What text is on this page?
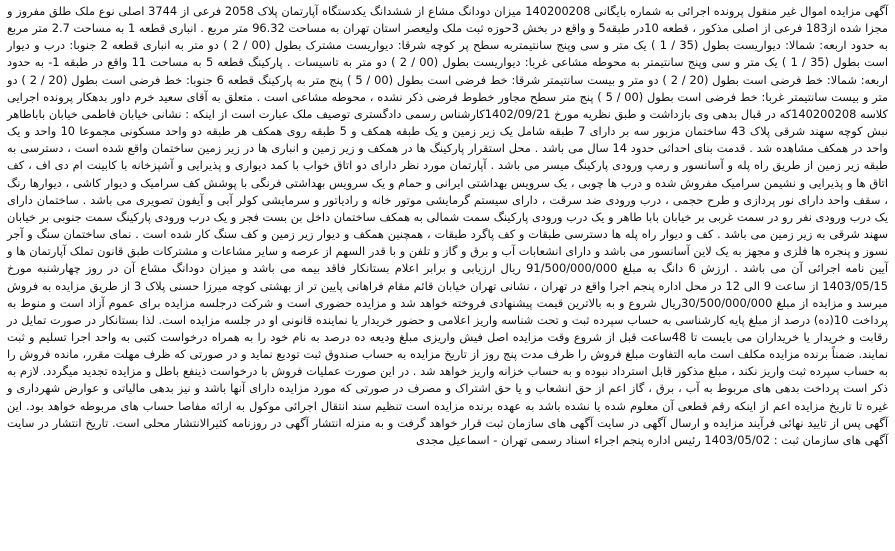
آگهی مزایده اموال غیر منقول پرونده اجرائی به شماره بایگانی 140200208 میزان دودانگ مشاع از ششدانگ یکدستگاه آپارتمان پلاک 2058 فرعی از 3744 اصلی نوع ملک طلق مفروز و مجزا شده از183 فرعی از اصلی مذکور ، قطعه 10در طبقه5 و واقع در بخش 3حوزه ثبت ملک ولیعصر استان تهران به مساحت 96.32 متر مربع . انباری قطعه 1 به مساحت 2.7 متر مربع به حدود اربعه: شمالا: دیواریست بطول (35 / 1 ) یک متر و سی وپنج سانتیمتربه سطح پر کوچه شرقا: دیواریست مشترک بطول (00 / 2 ) دو متر به انباری قطعه 2 جنوبا: درب و دیوار است بطول (35 / 1 ) یک متر و سی وپنج سانتیمتر به محوطه مشاعی غربا: دیواریست بطول (00 / 2 ) دو متر به تاسیسات . پارکینگ قطعه 5 به مساحت 11 واقع در طبقه 1- به حدود اربعه: شمالا: خط فرضی است بطول (20 / 2 ) دو متر و بیست سانتیمتر شرقا: خط فرضی است بطول (00 / 5 ) پنج متر به پارکینگ قطعه 6 جنوبا: خط فرضی است بطول (20 / 2 ) دو متر و بیست سانتیمتر غربا: خط فرضی است بطول (00 / 5 ) پنج متر سطح مجاور خطوط فرضی ذکر نشده ، محوطه مشاعی است . متعلق به آقای سعید خرم داور بدهکار پرونده اجرایی کلاسه 140200208که در قبال بدهی وی بازداشت و طبق نظریه مورخ 1402/09/21کارشناس رسمی دادگستری توصیف ملک عبارت است از اینکه : نشانی خیابان فاطمی خیابان باباطاهر نبش کوچه سهند شرقی پلاک 43 ساختمان مزبور سه بر دارای 7 طبقه شامل یک زیر زمین و یک طبقه همکف و 5 طبقه روی همکف هر طبقه دو واحد مسکونی مجموعا 10 واحد و یک واحد در همکف مشاهده شد . قدمت بنای احداثی حدود 14 سال می باشد . محل استقرار پارکینگ ها در همکف و زیر زمین و انباری ها در زیر زمین ساختمان واقع شده است ، دسترسی به طبقه زیر زمین از طریق راه پله و آسانسور و رمپ ورودی پارکینگ میسر می باشد . آپارتمان مورد نظر دارای دو اتاق خواب با کمد دیواری و پذیرایی و آشپزخانه با کابینت ام دی اف ، کف اتاق ها و پذیرایی و نشیمن سرامیک مفروش شده و درب ها چوبی ، یک سرویس بهداشتی ایرانی و حمام و یک سرویس بهداشتی فرنگی با پوشش کف سرامیک و دیوار کاشی ، دیوارها رنگ ، سقف واحد دارای نور پردازی و طرح حجمی ، درب ورودی ضد سرقت ، دارای سیستم گرمایشی موتور خانه و رادیاتور و سرمایشی کولر آبی و آیفون تصویری می باشد . ساختمان دارای یک درب ورودی نفر رو در سمت غربی بر خیابان بابا طاهر و یک درب ورودی پارکینگ سمت شمالی به همکف ساختمان داخل بن بست فجر و یک درب ورودی پارکینگ سمت جنوبی بر خیابان سهند شرقی به زیر زمین می باشد . کف و دیوار راه پله ها دسترسی طبقات و کف پاگرد طبقات ، همچنین همکف و دیوار زیر زمین و کف سنگ کار شده است . نمای ساختمان سنگ و آجر نسوز و پنجره ها فلزی و مجهز به یک لاین آسانسور می باشد و دارای انشعابات آب و برق و گاز و تلفن و با قدر السهم از عرصه و سایر مشاعات و مشترکات طبق قانون تملک آپارتمان ها و آیین نامه اجرائی آن می باشد . ارزش 6 دانگ به مبلغ 91/500/000/000 ریال ارزیابی و برابر اعلام بستانکار فاقد بیمه می باشد و میزان دودانگ مشاع آن در روز چهارشنبه مورخ 1403/05/15 از ساعت 9 الی 12 در محل اداره پنجم اجرا واقع در تهران ، نشانی تهران خیابان قائم مقام فراهانی پایین تر از بهشتی کوچه میرزا حسنی پلاک 3 از طریق مزایده به فروش میرسد و مزایده از مبلغ 30/500/000/000ریال شروع و به بالاترین قیمت پیشنهادی فروخته خواهد شد و مزایده حضوری است و شرکت درجلسه مزایده برای عموم آزاد است و منوط به پرداخت 10(ده) درصد از مبلغ پایه کارشناسی به حساب سپرده ثبت و تحت شناسه واریز اعلامی و حضور خریدار یا نماینده قانونی او در جلسه مزایده است. لذا بستانکار در صورت تمایل در رقابت و خریدار یا خریداران می بایست تا 48ساعت قبل از شروع وقت مزایده اصل فیش واریزی مبلغ ودیعه ده درصد به نام خود را به همراه درخواست کتبی به واحد اجرا تسلیم و ثبت نمایند. ضمناً برنده مزایده مکلف است مابه التفاوت مبلغ فروش را ظرف مدت پنج روز از تاریخ مزایده به حساب صندوق ثبت تودیع نماید و در صورتی که ظرف مهلت مقرر، مانده فروش را به حساب سپرده ثبت واریز نکند ، مبلغ مذکور قابل استرداد نبوده و به حساب خزانه واریز خواهد شد . در این صورت عملیات فروش با درخواست ذینفع باطل و مزایده تجدید میگردد. لازم به ذکر است پرداخت بدهی های مربوط به آب ، برق ، گاز اعم از حق انشعاب و یا حق اشتراک و مصرف در صورتی که مورد مزایده دارای آنها باشد و نیز بدهی مالیاتی و عوارض شهرداری و غیره تا تاریخ مزایده اعم از اینکه رقم قطعی آن معلوم شده یا نشده باشد به عهده برنده مزایده است تنظیم سند انتقال اجرائی موکول به ارائه مفاصا حساب های مربوطه خواهد بود. این آگهی پس از تایید نهائی فرآیند مزایده و ارسال آگهی در سایت آگهی های سازمان ثبت قرار خواهد گرفت و به منزله انتشار آگهی در روزنامه کثیرالانتشار محلی است. تاریخ انتشار در سایت آگهی های سازمان ثبت : 1403/05/02 رئیس اداره پنجم اجراء اسناد رسمی تهران - اسماعیل مجدی
